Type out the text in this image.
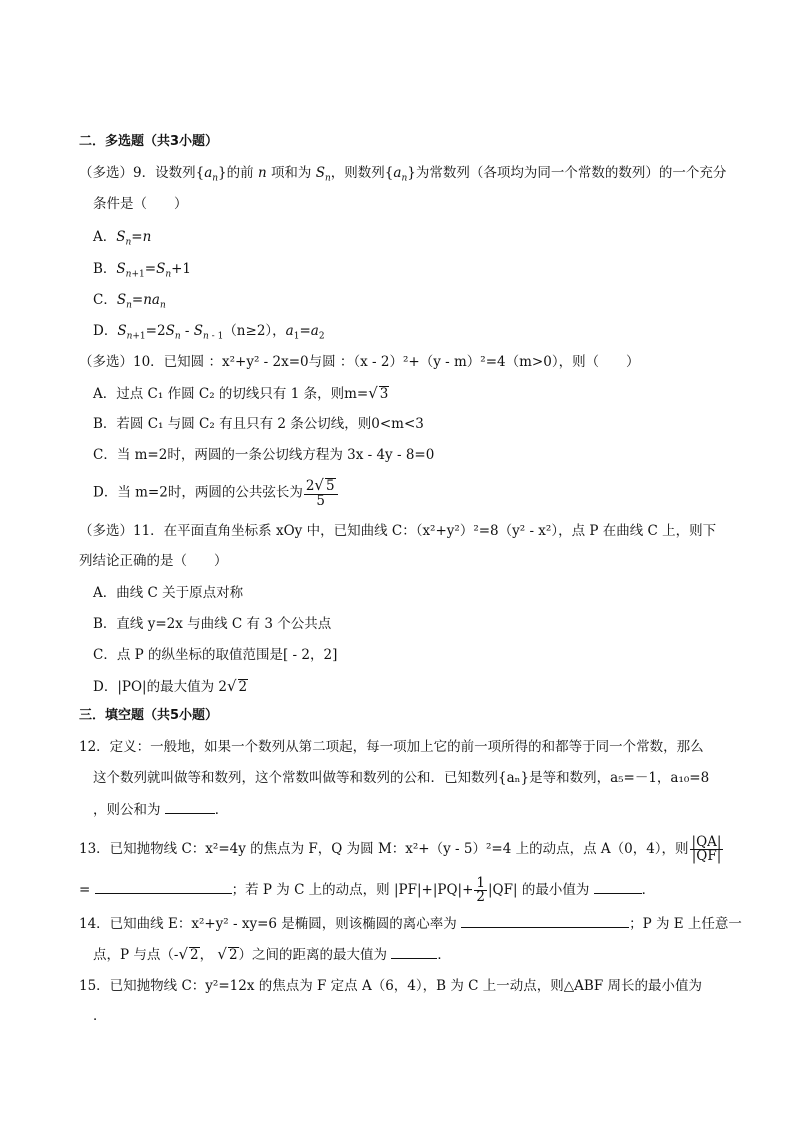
二．多选题（共3小题）
（多选）9．设数列$\{a_n\}$的前 n 项和为 $S_n$，则数列$\{a_n\}$为常数列（各项均为同一个常数的数列）的一个充分
条件是（　　）
A．$S_n=n$
B．$S_{n+1}=S_n+1$
C．$S_n=na_n$
D．$S_{n+1}=2S_n - S_{n - 1}(n\ge 2)$，$a_1=a_2$
（多选）10．已知圆 ：x²+y² - 2x=0与圆 ：（x - 2）²+（y - m）²=4（m>0），则（　　）
A．过点 C₁ 作圆 C₂ 的切线只有 1 条，则m=√ 3
B．若圆 C₁ 与圆 C₂ 有且只有 2 条公切线，则0<m<3
C．当 m=2时，两圆的一条公切线方程为 3x - 4y - 8=0
D．当 m=2时，两圆的公共弦长为 $\frac{2√ 5}{5}$
（多选）11．在平面直角坐标系 xOy 中，已知曲线 C：（x²+y²）²=8（y² - x²），点 P 在曲线 C 上，则下
列结论正确的是（　　）
A．曲线 C 关于原点对称
B．直线 y=2x 与曲线 C 有 3 个公共点
C．点 P 的纵坐标的取值范围是[ - 2，2]
D．|PO|的最大值为 2√ 2
三．填空题（共5小题）
12．定义：一般地，如果一个数列从第二项起，每一项加上它的前一项所得的和都等于同一个常数，那么
这个数列就叫做等和数列，这个常数叫做等和数列的公和．已知数列{aₙ}是等和数列，a₅=－1，a₁₀=8
，则公和为	．
13．已知抛物线 C：x²=4y 的焦点为 F，Q 为圆 M：x²+（y - 5）²=4 上的动点，点 A（0，4），则 $\frac{|QA|}{|QF|}$
=	；若 P 为 C 上的动点，则 $|PF|+|PQ|+ \frac{1}{2} |QF|$ 的最小值为	．
14．已知曲线 E：x²+y² - xy=6 是椭圆，则该椭圆的离心率为	；P 为 E 上任意一
点，P 与点（-√ 2， √ 2）之间的距离的最大值为	．
15．已知抛物线 C：y²=12x 的焦点为 F 定点 A（6，4），B 为 C 上一动点，则△ABF 周长的最小值为
．
